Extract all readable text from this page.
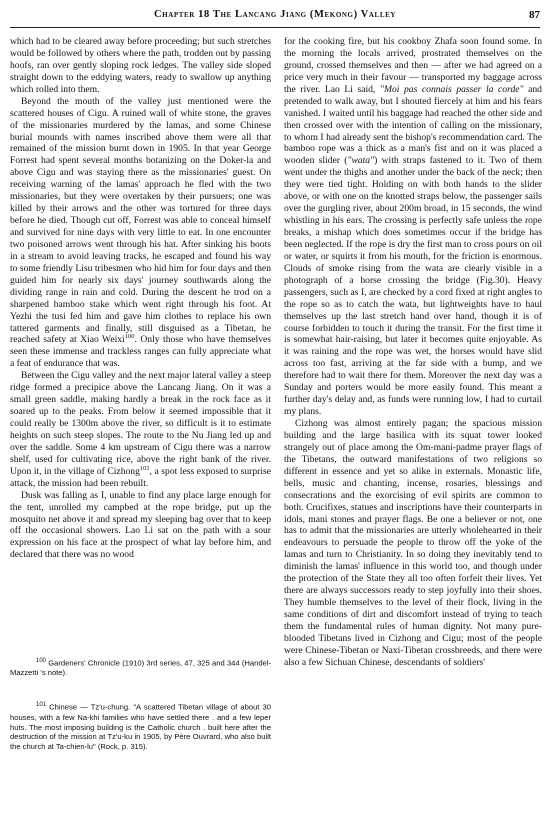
Chapter 18 The Lancang Jiang (Mekong) Valley	87

which had to be cleared away before proceeding; but such stretches would be followed by others where the path, trodden out by passing hoofs, ran over gently sloping rock ledges. The valley side sloped straight down to the eddying waters, ready to swallow up anything which rolled into them.

Beyond the mouth of the valley just mentioned were the scattered houses of Cigu. A ruined wall of white stone, the graves of the missionaries murdered by the lamas, and some Chinese burial mounds with names inscribed above them were all that remained of the mission burnt down in 1905. In that year George Forrest had spent several months botanizing on the Doker-la and above Cigu and was staying there as the missionaries' guest. On receiving warning of the lamas' approach he fled with the two missionaries, but they were overtaken by their pursuers; one was killed by their arrows and the other was tortured for three days before he died. Though cut off, Forrest was able to conceal himself and survived for nine days with very little to eat. In one encounter two poisoned arrows went through his hat. After sinking his boots in a stream to avoid leaving tracks, he escaped and found his way to some friendly Lisu tribesmen who hid him for four days and then guided him for nearly six days' journey southwards along the dividing range in rain and cold. During the descent he trod on a sharpened bamboo stake which went right through his foot. At Yezhi the tusi fed him and gave him clothes to replace his own tattered garments and finally, still disguised as a Tibetan, he reached safety at Xiao Weixi$^{100}$. Only those who have themselves seen these immense and trackless ranges can fully appreciate what a feat of endurance that was.

Between the Cigu valley and the next major lateral valley a steep ridge formed a precipice above the Lancang Jiang. On it was a small green saddle, making hardly a break in the rock face as it soared up to the peaks. From below it seemed impossible that it could really be 1300m above the river, so difficult is it to estimate heights on such steep slopes. The route to the Nu Jiang led up and over the saddle. Some 4 km upstream of Cigu there was a narrow shelf, used for cultivating rice, above the right bank of the river. Upon it, in the village of Cizhong$^{101}$, a spot less exposed to surprise attack, the mission had been rebuilt.

Dusk was falling as I, unable to find any place large enough for the tent, unrolled my campbed at the rope bridge, put up the mosquito net above it and spread my sleeping bag over that to keep off the occasional showers. Lao Li sat on the path with a sour expression on his face at the prospect of what lay before him, and declared that there was no wood

$^{100}$ Gardeners' Chronicle (1910) 3rd series, 47, 325 and 344 (Handel-Mazzetti 's note).

$^{101}$ Chinese — Tz'u-chung. "A scattered Tibetan village of about 30 houses, with a few Na-khi families who have settled there . and a few leper huts. The most imposing building is the Catholic church . built here after the destruction of the mission at Tz'u-ku in 1905, by Père Ouvrard, who also built the church at Ta-chien-lu" (Rock, p. 315).

for the cooking fire, but his cookboy Zhafa soon found some. In the morning the locals arrived, prostrated themselves on the ground, crossed themselves and then — after we had agreed on a price very much in their favour — transported my baggage across the river. Lao Li said, "Moi pas connais passer la corde" and pretended to walk away, but I shouted fiercely at him and his fears vanished. I waited until his baggage had reached the other side and then crossed over with the intention of calling on the missionary, to whom I had already sent the bishop's recommendation card. The bamboo rope was a thick as a man's fist and on it was placed a wooden slider ("wata") with straps fastened to it. Two of them went under the thighs and another under the back of the neck; then they were tied tight. Holding on with both hands to the slider above, or with one on the knotted straps below, the passenger sails over the gurgling river, about 200m broad, in 15 seconds, the wind whistling in his ears. The crossing is perfectly safe unless the rope breaks, a mishap which does sometimes occur if the bridge has been neglected. If the rope is dry the first man to cross pours on oil or water, or squirts it from his mouth, for the friction is enormous. Clouds of smoke rising from the wata are clearly visible in a photograph of a horse crossing the bridge (Fig.30). Heavy passengers, such as I, are checked by a cord fixed at right angles to the rope so as to catch the wata, but lightweights have to haul themselves up the last stretch hand over hand, though it is of course forbidden to touch it during the transit. For the first time it is somewhat hair-raising, but later it becomes quite enjoyable. As it was raining and the rope was wet, the horses would have slid across too fast, arriving at the far side with a bump, and we therefore had to wait there for them. Moreover the next day was a Sunday and porters would be more easily found. This meant a further day's delay and, as funds were running low, I had to curtail my plans.

Cizhong was almost entirely pagan; the spacious mission building and the large basilica with its squat tower looked strangely out of place among the Om-mani-padme prayer flags of the Tibetans, the outward manifestations of two religions so different in essence and yet so alike in externals. Monastic life, bells, music and chanting, incense, rosaries, blessings and consecrations and the exorcising of evil spirits are common to both. Crucifixes, statues and inscriptions have their counterparts in idols, mani stones and prayer flags. Be one a believer or not, one has to admit that the missionaries are utterly wholehearted in their endeavours to persuade the people to throw off the yoke of the lamas and turn to Christianity. In so doing they inevitably tend to diminish the lamas' influence in this world too, and though under the protection of the State they all too often forfeit their lives. Yet there are always successors ready to step joyfully into their shoes. They humble themselves to the level of their flock, living in the same conditions of dirt and discomfort instead of trying to teach them the fundamental rules of human dignity. Not many pure-blooded Tibetans lived in Cizhong and Cigu; most of the people were Chinese-Tibetan or Naxi-Tibetan crossbreeds, and there were also a few Sichuan Chinese, descendants of soldiers'
